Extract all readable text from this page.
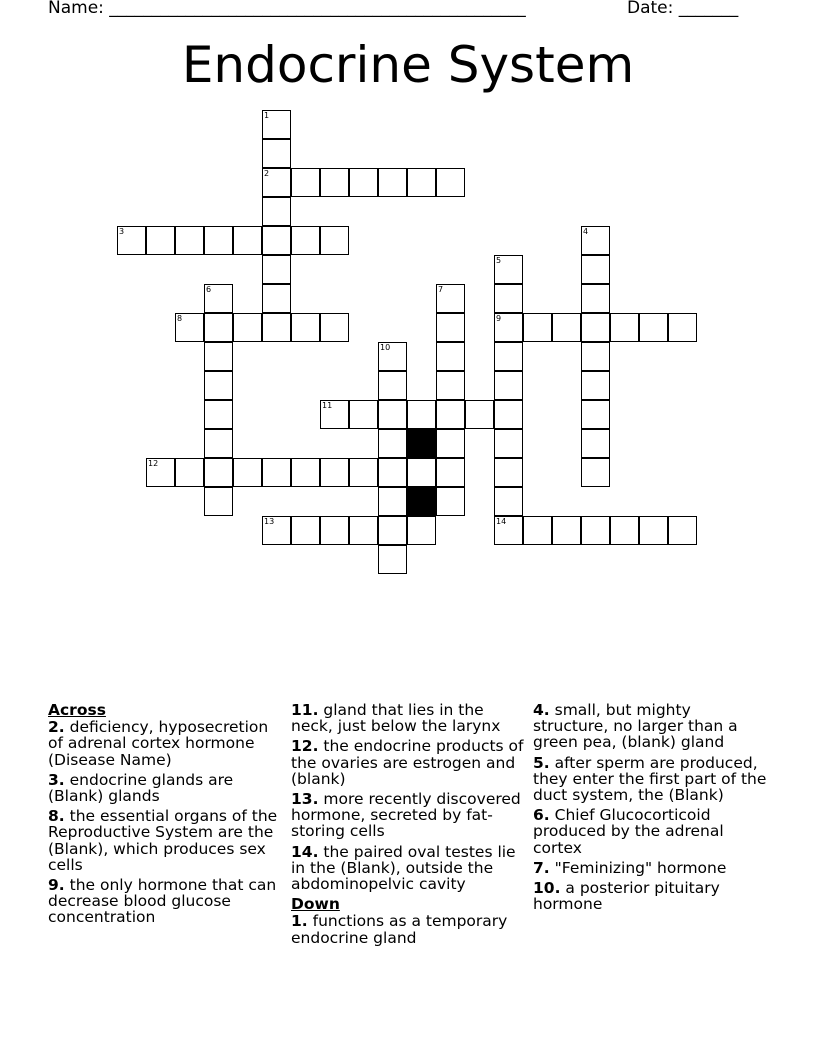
Name: _________________________________________________	Date: _______
Endocrine System
1
2
3	4
5
9
6	7
8
10
11
12
13	14
Across
2. deficiency, hyposecretion of adrenal cortex hormone (Disease Name)
3. endocrine glands are (Blank) glands
8. the essential organs of the Reproductive System are the (Blank), which produces sex cells
9. the only hormone that can decrease blood glucose concentration
11. gland that lies in the neck, just below the larynx
12. the endocrine products of the ovaries are estrogen and (blank)
13. more recently discovered hormone, secreted by fat-storing cells
14. the paired oval testes lie in the (Blank), outside the abdominopelvic cavity
Down
1. functions as a temporary endocrine gland
4. small, but mighty structure, no larger than a green pea, (blank) gland
5. after sperm are produced, they enter the first part of the duct system, the (Blank)
6. Chief Glucocorticoid produced by the adrenal cortex
7. "Feminizing" hormone
10. a posterior pituitary hormone
